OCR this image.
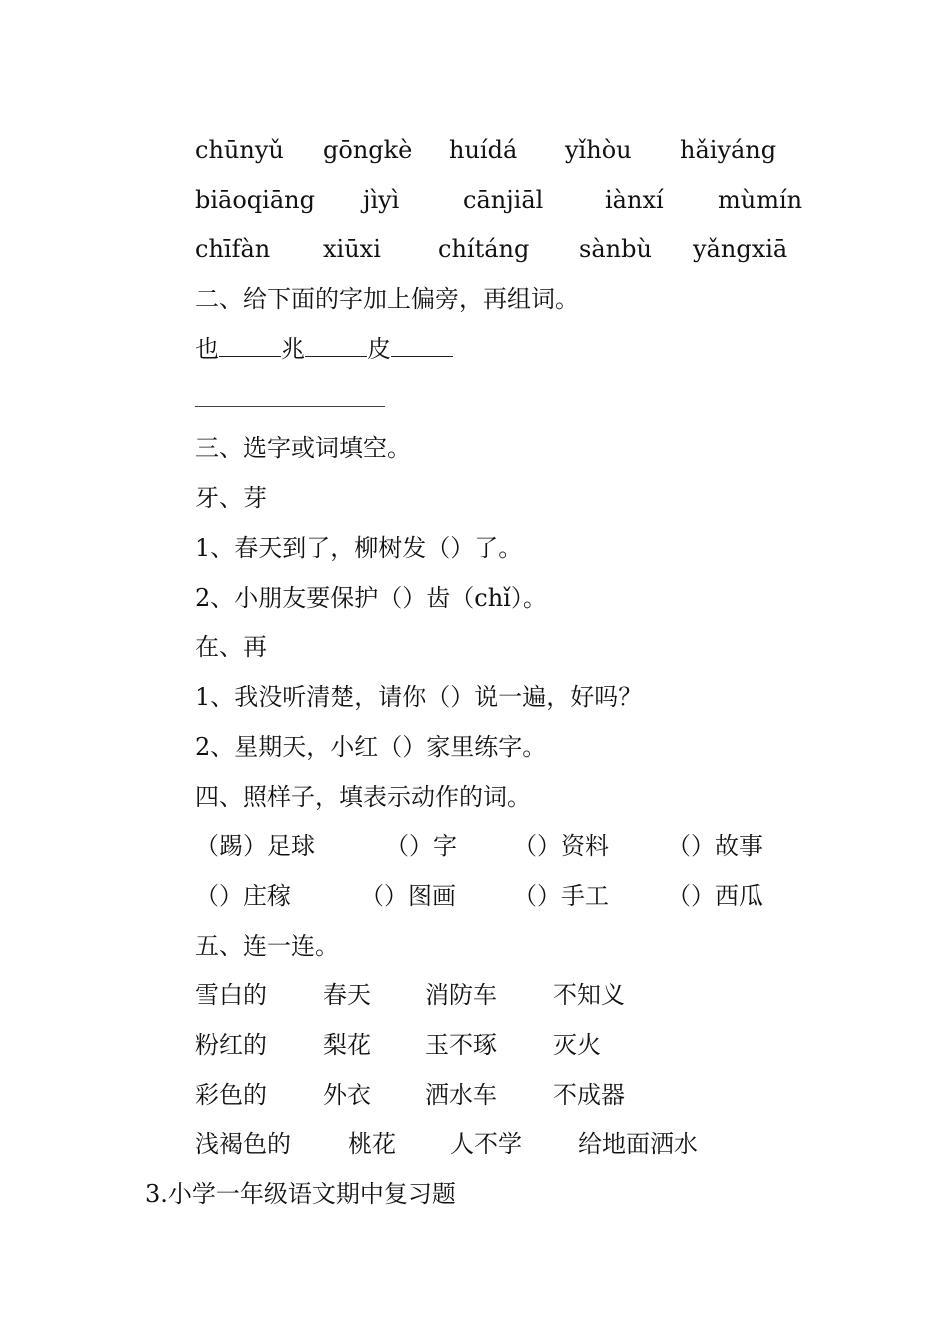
chūnyǔ gōngkè huídá yǐhòu hǎiyáng
biāoqiāng jìyì	cānjiāl	iànxí mùmín
chīfàn xiūxi chítáng sànbù yǎngxiā
二、给下面的字加上偏旁，再组词。
也	兆	皮
三、选字或词填空。
牙、芽
1、春天到了，柳树发（）了。
2、小朋友要保护（）齿（chǐ）。
在、再
1、我没听清楚，请你（）说一遍，好吗？
2、星期天，小红（）家里练字。
四、照样子，填表示动作的词。
（踢）足球	（）字 （）资料 （）故事
（）庄稼	（）图画 （）手工 （）西瓜
五、连一连。
雪白的 春天 消防车 不知义
粉红的 梨花 玉不琢 灭火
彩色的 外衣 洒水车 不成器
浅褐色的 桃花 人不学 给地面洒水
3.小学一年级语文期中复习题
